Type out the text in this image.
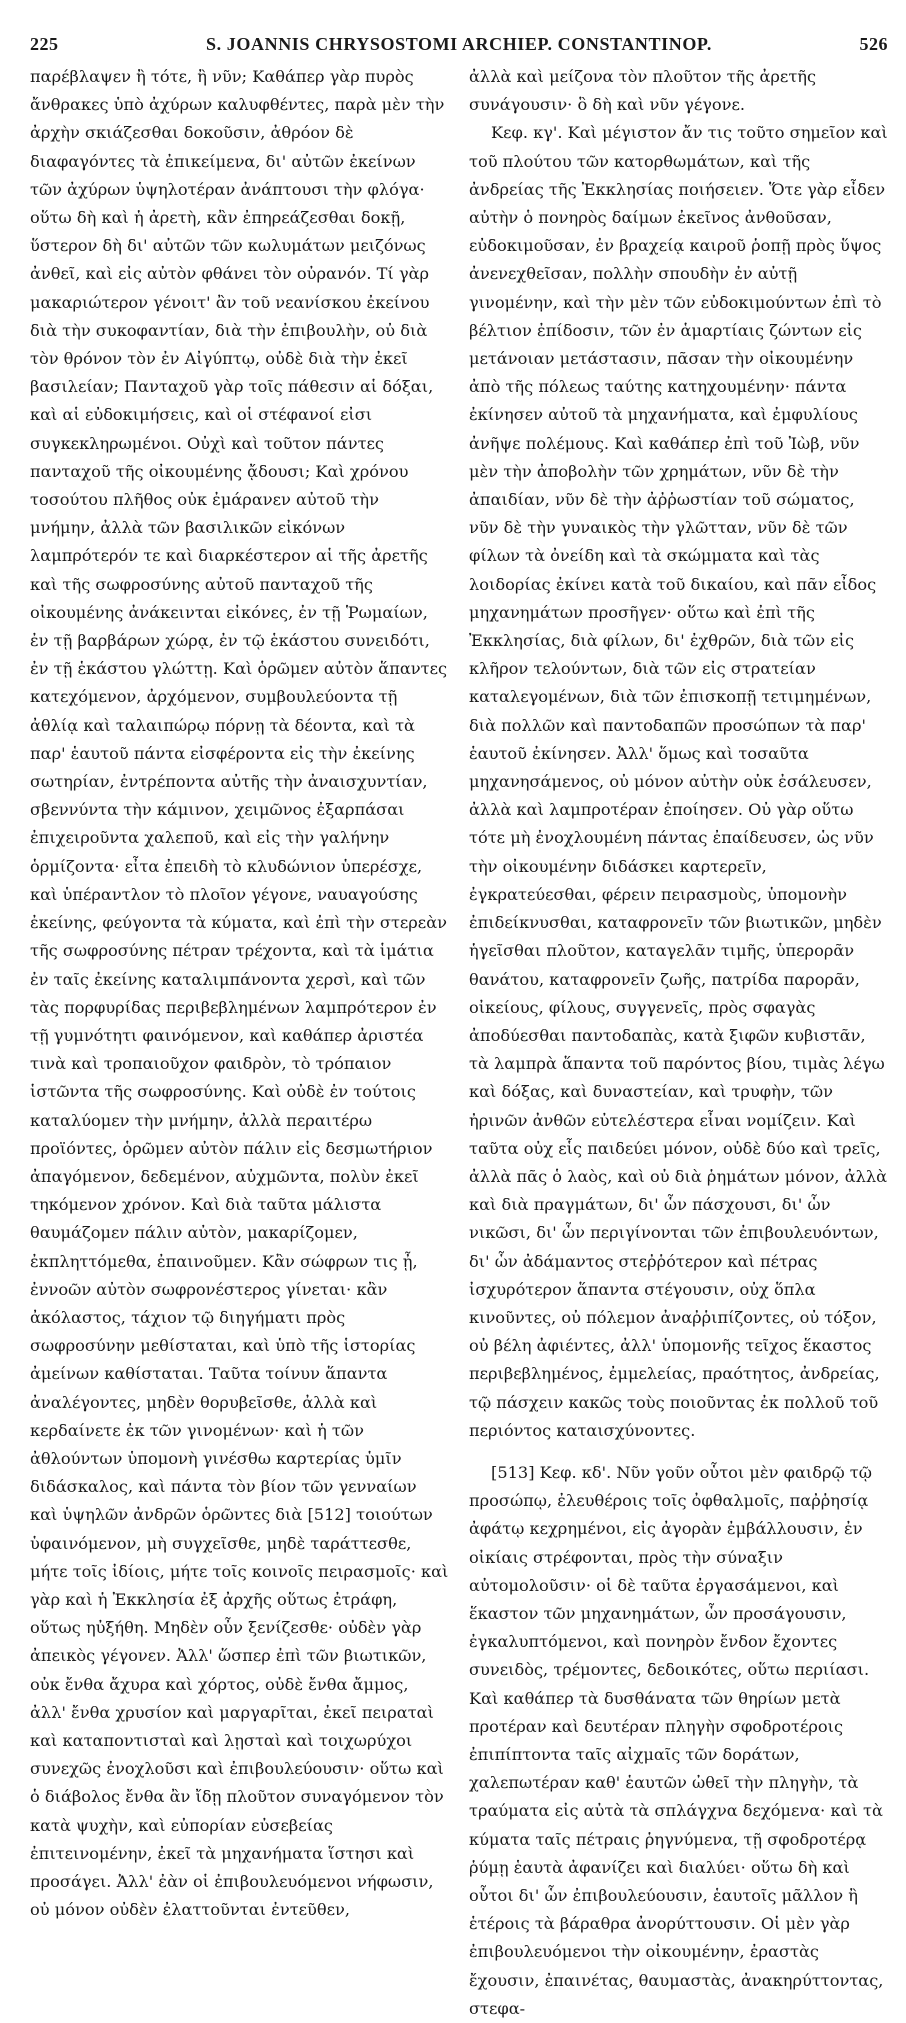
225	S. JOANNIS CHRYSOSTOMI ARCHIEP. CONSTANTINOP.	526

παρέβλαψεν ἢ τότε, ἢ νῦν; Καθάπερ γὰρ πυρὸς ἄνθρακες ὑπὸ ἀχύρων καλυφθέντες, παρὰ μὲν τὴν ἀρχὴν σκιάζεσθαι δοκοῦσιν, ἀθρόον δὲ διαφαγόντες τὰ ἐπικείμενα, δι' αὐτῶν ἐκείνων τῶν ἀχύρων ὑψηλοτέραν ἀνάπτουσι τὴν φλόγα· οὕτω δὴ καὶ ἡ ἀρετὴ, κἂν ἐπηρεάζεσθαι δοκῇ, ὕστερον δὴ δι' αὐτῶν τῶν κωλυμάτων μειζόνως ἀνθεῖ, καὶ εἰς αὐτὸν φθάνει τὸν οὐρανόν. Τί γὰρ μακαριώτερον γένοιτ' ἂν τοῦ νεανίσκου ἐκείνου διὰ τὴν συκοφαντίαν, διὰ τὴν ἐπιβουλὴν, οὐ διὰ τὸν θρόνον τὸν ἐν Αἰγύπτῳ, οὐδὲ διὰ τὴν ἐκεῖ βασιλείαν; Πανταχοῦ γὰρ τοῖς πάθεσιν αἱ δόξαι, καὶ αἱ εὐδοκιμήσεις, καὶ οἱ στέφανοί εἰσι συγκεκληρωμένοι. Οὐχὶ καὶ τοῦτον πάντες πανταχοῦ τῆς οἰκουμένης ᾄδουσι; Καὶ χρόνου τοσούτου πλῆθος οὐκ ἐμάρανεν αὐτοῦ τὴν μνήμην, ἀλλὰ τῶν βασιλικῶν εἰκόνων λαμπρότερόν τε καὶ διαρκέστερον αἱ τῆς ἀρετῆς καὶ τῆς σωφροσύνης αὐτοῦ πανταχοῦ τῆς οἰκουμένης ἀνάκεινται εἰκόνες, ἐν τῇ Ῥωμαίων, ἐν τῇ βαρβάρων χώρᾳ, ἐν τῷ ἑκάστου συνειδότι, ἐν τῇ ἑκάστου γλώττῃ. Καὶ ὁρῶμεν αὐτὸν ἅπαντες κατεχόμενον, ἀρχόμενον, συμβουλεύοντα τῇ ἀθλίᾳ καὶ ταλαιπώρῳ πόρνῃ τὰ δέοντα, καὶ τὰ παρ' ἑαυτοῦ πάντα εἰσφέροντα εἰς τὴν ἐκείνης σωτηρίαν, ἐντρέποντα αὐτῆς τὴν ἀναισχυντίαν, σβεννύντα τὴν κάμινον, χειμῶνος ἐξαρπάσαι ἐπιχειροῦντα χαλεποῦ, καὶ εἰς τὴν γαλήνην ὁρμίζοντα· εἶτα ἐπειδὴ τὸ κλυδώνιον ὑπερέσχε, καὶ ὑπέραντλον τὸ πλοῖον γέγονε, ναυαγούσης ἐκείνης, φεύγοντα τὰ κύματα, καὶ ἐπὶ τὴν στερεὰν τῆς σωφροσύνης πέτραν τρέχοντα, καὶ τὰ ἱμάτια ἐν ταῖς ἐκείνης καταλιμπάνοντα χερσὶ, καὶ τῶν τὰς πορφυρίδας περιβεβλημένων λαμπρότερον ἐν τῇ γυμνότητι φαινόμενον, καὶ καθάπερ ἀριστέα τινὰ καὶ τροπαιοῦχον φαιδρὸν, τὸ τρόπαιον ἱστῶντα τῆς σωφροσύνης. Καὶ οὐδὲ ἐν τούτοις καταλύομεν τὴν μνήμην, ἀλλὰ περαιτέρω προϊόντες, ὁρῶμεν αὐτὸν πάλιν εἰς δεσμωτήριον ἀπαγόμενον, δεδεμένον, αὐχμῶντα, πολὺν ἐκεῖ τηκόμενον χρόνον. Καὶ διὰ ταῦτα μάλιστα θαυμάζομεν πάλιν αὐτὸν, μακαρίζομεν, ἐκπληττόμεθα, ἐπαινοῦμεν. Κἂν σώφρων τις ᾖ, ἐννοῶν αὐτὸν σωφρονέστερος γίνεται· κἂν ἀκόλαστος, τάχιον τῷ διηγήματι πρὸς σωφροσύνην μεθίσταται, καὶ ὑπὸ τῆς ἱστορίας ἀμείνων καθίσταται. Ταῦτα τοίνυν ἅπαντα ἀναλέγοντες, μηδὲν θορυβεῖσθε, ἀλλὰ καὶ κερδαίνετε ἐκ τῶν γινομένων· καὶ ἡ τῶν ἀθλούντων ὑπομονὴ γινέσθω καρτερίας ὑμῖν διδάσκαλος, καὶ πάντα τὸν βίον τῶν γενναίων καὶ ὑψηλῶν ἀνδρῶν ὁρῶντες διὰ [512] τοιούτων ὑφαινόμενον, μὴ συγχεῖσθε, μηδὲ ταράττεσθε, μήτε τοῖς ἰδίοις, μήτε τοῖς κοινοῖς πειρασμοῖς· καὶ γὰρ καὶ ἡ Ἐκκλησία ἐξ ἀρχῆς οὕτως ἐτράφη, οὕτως ηὐξήθη. Μηδὲν οὖν ξενίζεσθε· οὐδὲν γὰρ ἀπεικὸς γέγονεν. Ἀλλ' ὥσπερ ἐπὶ τῶν βιωτικῶν, οὐκ ἔνθα ἄχυρα καὶ χόρτος, οὐδὲ ἔνθα ἄμμος, ἀλλ' ἔνθα χρυσίον καὶ μαργαρῖται, ἐκεῖ πειραταὶ καὶ καταποντισταὶ καὶ λῃσταὶ καὶ τοιχωρύχοι συνεχῶς ἐνοχλοῦσι καὶ ἐπιβουλεύουσιν· οὕτω καὶ ὁ διάβολος ἔνθα ἂν ἴδῃ πλοῦτον συναγόμενον τὸν κατὰ ψυχὴν, καὶ εὐπορίαν εὐσεβείας ἐπιτεινομένην, ἐκεῖ τὰ μηχανήματα ἵστησι καὶ προσάγει. Ἀλλ' ἐὰν οἱ ἐπιβουλευόμενοι νήφωσιν, οὐ μόνον οὐδὲν ἐλαττοῦνται ἐντεῦθεν,

ἀλλὰ καὶ μείζονα τὸν πλοῦτον τῆς ἀρετῆς συνάγουσιν· ὃ δὴ καὶ νῦν γέγονε.

Κεφ. κγ'. Καὶ μέγιστον ἄν τις τοῦτο σημεῖον καὶ τοῦ πλούτου τῶν κατορθωμάτων, καὶ τῆς ἀνδρείας τῆς Ἐκκλησίας ποιήσειεν. Ὅτε γὰρ εἶδεν αὐτὴν ὁ πονηρὸς δαίμων ἐκεῖνος ἀνθοῦσαν, εὐδοκιμοῦσαν, ἐν βραχείᾳ καιροῦ ῥοπῇ πρὸς ὕψος ἀνενεχθεῖσαν, πολλὴν σπουδὴν ἐν αὐτῇ γινομένην, καὶ τὴν μὲν τῶν εὐδοκιμούντων ἐπὶ τὸ βέλτιον ἐπίδοσιν, τῶν ἐν ἁμαρτίαις ζώντων εἰς μετάνοιαν μετάστασιν, πᾶσαν τὴν οἰκουμένην ἀπὸ τῆς πόλεως ταύτης κατηχουμένην· πάντα ἐκίνησεν αὐτοῦ τὰ μηχανήματα, καὶ ἐμφυλίους ἀνῆψε πολέμους. Καὶ καθάπερ ἐπὶ τοῦ Ἰὼβ, νῦν μὲν τὴν ἀποβολὴν τῶν χρημάτων, νῦν δὲ τὴν ἀπαιδίαν, νῦν δὲ τὴν ἀῤῥωστίαν τοῦ σώματος, νῦν δὲ τὴν γυναικὸς τὴν γλῶτταν, νῦν δὲ τῶν φίλων τὰ ὀνείδη καὶ τὰ σκώμματα καὶ τὰς λοιδορίας ἐκίνει κατὰ τοῦ δικαίου, καὶ πᾶν εἶδος μηχανημάτων προσῆγεν· οὕτω καὶ ἐπὶ τῆς Ἐκκλησίας, διὰ φίλων, δι' ἐχθρῶν, διὰ τῶν εἰς κλῆρον τελούντων, διὰ τῶν εἰς στρατείαν καταλεγομένων, διὰ τῶν ἐπισκοπῇ τετιμημένων, διὰ πολλῶν καὶ παντοδαπῶν προσώπων τὰ παρ' ἑαυτοῦ ἐκίνησεν. Ἀλλ' ὅμως καὶ τοσαῦτα μηχανησάμενος, οὐ μόνον αὐτὴν οὐκ ἐσάλευσεν, ἀλλὰ καὶ λαμπροτέραν ἐποίησεν. Οὐ γὰρ οὕτω τότε μὴ ἐνοχλουμένη πάντας ἐπαίδευσεν, ὡς νῦν τὴν οἰκουμένην διδάσκει καρτερεῖν, ἐγκρατεύεσθαι, φέρειν πειρασμοὺς, ὑπομονὴν ἐπιδείκνυσθαι, καταφρονεῖν τῶν βιωτικῶν, μηδὲν ἡγεῖσθαι πλοῦτον, καταγελᾶν τιμῆς, ὑπερορᾶν θανάτου, καταφρονεῖν ζωῆς, πατρίδα παρορᾶν, οἰκείους, φίλους, συγγενεῖς, πρὸς σφαγὰς ἀποδύεσθαι παντοδαπὰς, κατὰ ξιφῶν κυβιστᾶν, τὰ λαμπρὰ ἅπαντα τοῦ παρόντος βίου, τιμὰς λέγω καὶ δόξας, καὶ δυναστείαν, καὶ τρυφὴν, τῶν ἠρινῶν ἀνθῶν εὐτελέστερα εἶναι νομίζειν. Καὶ ταῦτα οὐχ εἷς παιδεύει μόνον, οὐδὲ δύο καὶ τρεῖς, ἀλλὰ πᾶς ὁ λαὸς, καὶ οὐ διὰ ῥημάτων μόνον, ἀλλὰ καὶ διὰ πραγμάτων, δι' ὧν πάσχουσι, δι' ὧν νικῶσι, δι' ὧν περιγίνονται τῶν ἐπιβουλευόντων, δι' ὧν ἀδάμαντος στεῤῥότερον καὶ πέτρας ἰσχυρότερον ἅπαντα στέγουσιν, οὐχ ὅπλα κινοῦντες, οὐ πόλεμον ἀναῤῥιπίζοντες, οὐ τόξον, οὐ βέλη ἀφιέντες, ἀλλ' ὑπομονῆς τεῖχος ἕκαστος περιβεβλημένος, ἐμμελείας, πραότητος, ἀνδρείας, τῷ πάσχειν κακῶς τοὺς ποιοῦντας ἐκ πολλοῦ τοῦ περιόντος καταισχύνοντες.

[513] Κεφ. κδ'. Νῦν γοῦν οὗτοι μὲν φαιδρῷ τῷ προσώπῳ, ἐλευθέροις τοῖς ὀφθαλμοῖς, παῤῥησίᾳ ἀφάτῳ κεχρημένοι, εἰς ἀγορὰν ἐμβάλλουσιν, ἐν οἰκίαις στρέφονται, πρὸς τὴν σύναξιν αὐτομολοῦσιν· οἱ δὲ ταῦτα ἐργασάμενοι, καὶ ἕκαστον τῶν μηχανημάτων, ὧν προσάγουσιν, ἐγκαλυπτόμενοι, καὶ πονηρὸν ἔνδον ἔχοντες συνειδὸς, τρέμοντες, δεδοικότες, οὕτω περιίασι. Καὶ καθάπερ τὰ δυσθάνατα τῶν θηρίων μετὰ προτέραν καὶ δευτέραν πληγὴν σφοδροτέροις ἐπιπίπτοντα ταῖς αἰχμαῖς τῶν δοράτων, χαλεπωτέραν καθ' ἑαυτῶν ὠθεῖ τὴν πληγὴν, τὰ τραύματα εἰς αὐτὰ τὰ σπλάγχνα δεχόμενα· καὶ τὰ κύματα ταῖς πέτραις ῥηγνύμενα, τῇ σφοδροτέρᾳ ῥύμῃ ἑαυτὰ ἀφανίζει καὶ διαλύει· οὕτω δὴ καὶ οὗτοι δι' ὧν ἐπιβουλεύουσιν, ἑαυτοῖς μᾶλλον ἢ ἑτέροις τὰ βάραθρα ἀνορύττουσιν. Οἱ μὲν γὰρ ἐπιβουλευόμενοι τὴν οἰκουμένην, ἐραστὰς ἔχουσιν, ἐπαινέτας, θαυμαστὰς, ἀνακηρύττοντας, στεφα-
